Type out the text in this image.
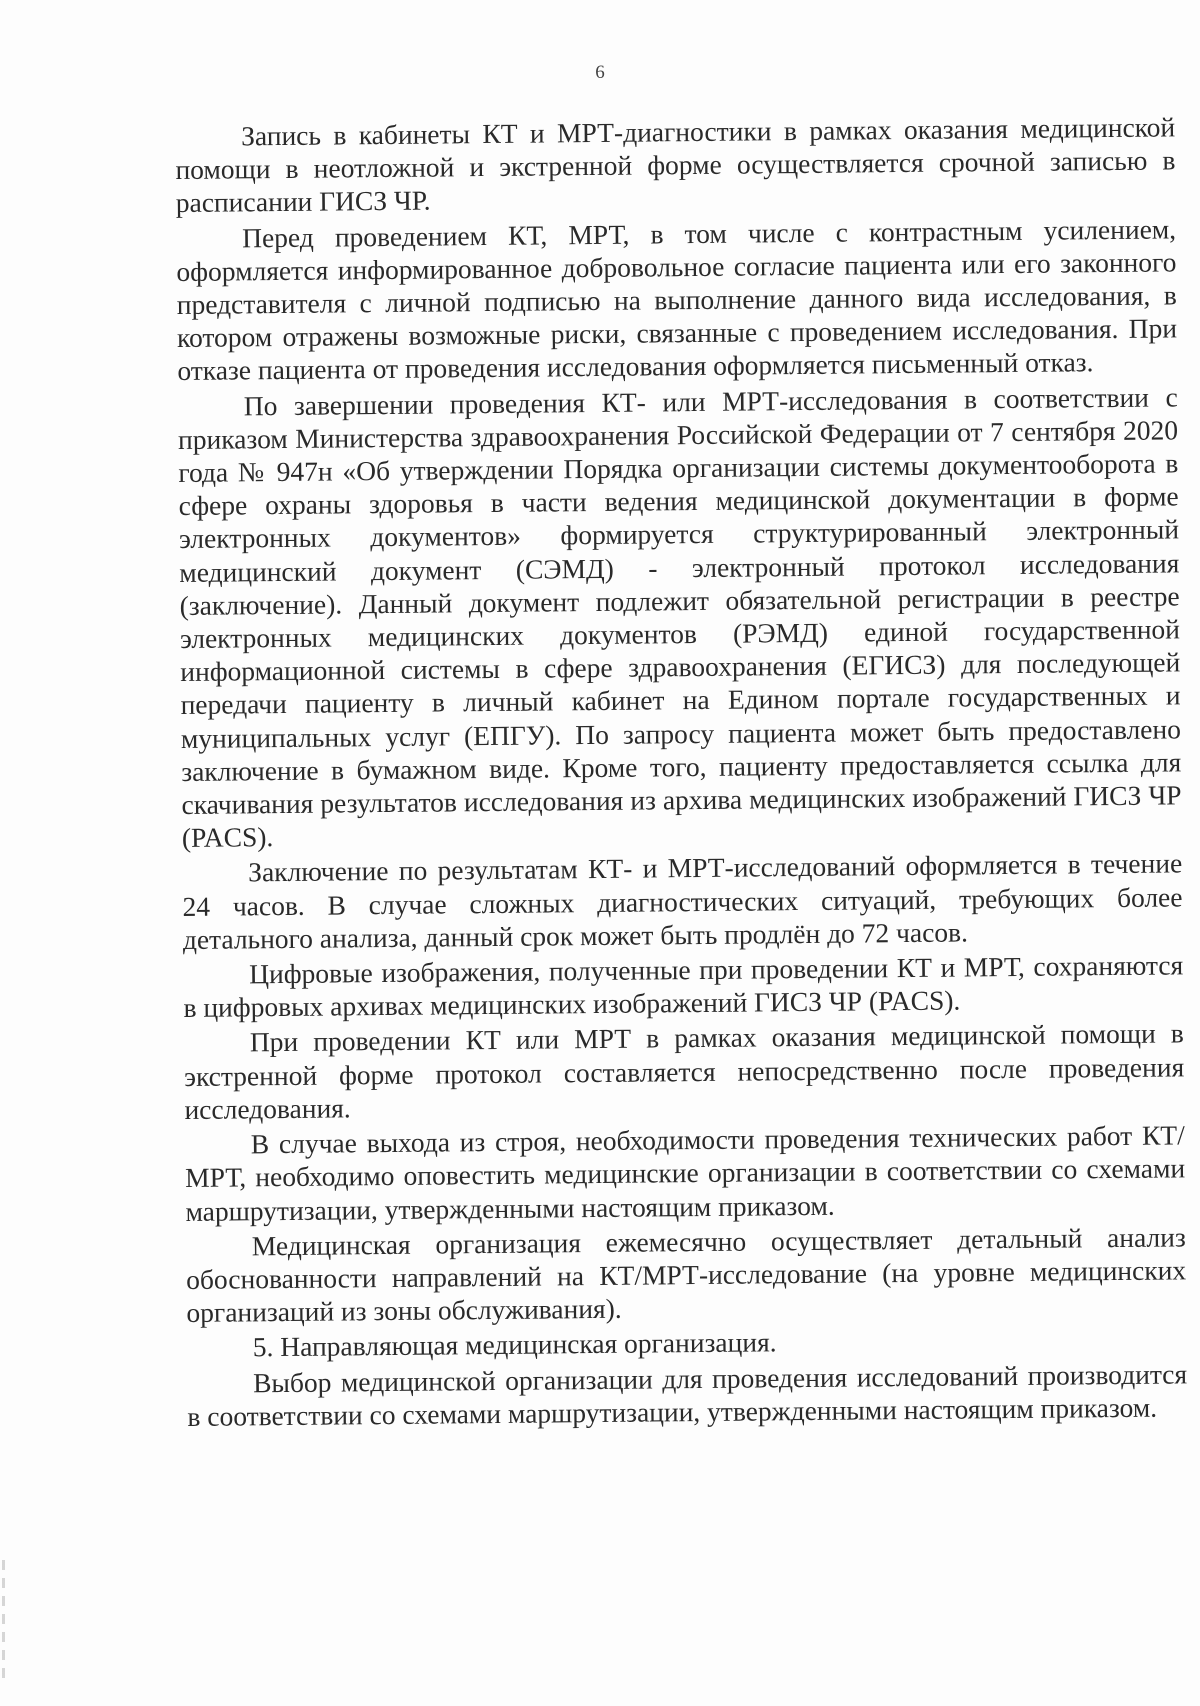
6

Запись в кабинеты КТ и МРТ-диагностики в рамках оказания медицинской помощи в неотложной и экстренной форме осуществляется срочной записью в расписании ГИСЗ ЧР.

Перед проведением КТ, МРТ, в том числе с контрастным усилением, оформляется информированное добровольное согласие пациента или его законного представителя с личной подписью на выполнение данного вида исследования, в котором отражены возможные риски, связанные с проведением исследования. При отказе пациента от проведения исследования оформляется письменный отказ.

По завершении проведения КТ- или МРТ-исследования в соответствии с приказом Министерства здравоохранения Российской Федерации от 7 сентября 2020 года № 947н «Об утверждении Порядка организации системы документооборота в сфере охраны здоровья в части ведения медицинской документации в форме электронных документов» формируется структурированный электронный медицинский документ (СЭМД) - электронный протокол исследования (заключение). Данный документ подлежит обязательной регистрации в реестре электронных медицинских документов (РЭМД) единой государственной информационной системы в сфере здравоохранения (ЕГИСЗ) для последующей передачи пациенту в личный кабинет на Едином портале государственных и муниципальных услуг (ЕПГУ). По запросу пациента может быть предоставлено заключение в бумажном виде. Кроме того, пациенту предоставляется ссылка для скачивания результатов исследования из архива медицинских изображений ГИСЗ ЧР (PACS).

Заключение по результатам КТ- и МРТ-исследований оформляется в течение 24 часов. В случае сложных диагностических ситуаций, требующих более детального анализа, данный срок может быть продлён до 72 часов.

Цифровые изображения, полученные при проведении КТ и МРТ, сохраняются в цифровых архивах медицинских изображений ГИСЗ ЧР (PACS).

При проведении КТ или МРТ в рамках оказания медицинской помощи в экстренной форме протокол составляется непосредственно после проведения исследования.

В случае выхода из строя, необходимости проведения технических работ КТ/МРТ, необходимо оповестить медицинские организации в соответствии со схемами маршрутизации, утвержденными настоящим приказом.

Медицинская организация ежемесячно осуществляет детальный анализ обоснованности направлений на КТ/МРТ-исследование (на уровне медицинских организаций из зоны обслуживания).

5. Направляющая медицинская организация.

Выбор медицинской организации для проведения исследований производится в соответствии со схемами маршрутизации, утвержденными настоящим приказом.
